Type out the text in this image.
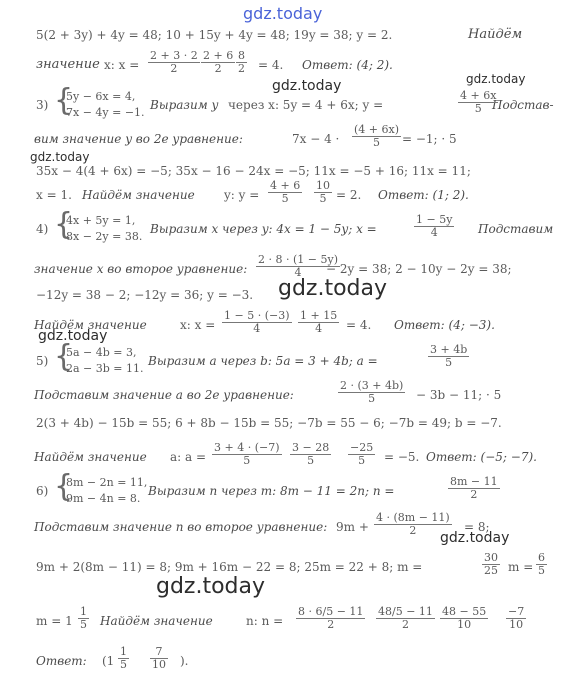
gdz.today
5(2 + 3y) + 4y = 48; 10 + 15y + 4y = 48; 19y = 38; y = 2.	Найдём
значение x: x =	= 4. Ответ: (4; 2).
$\frac{2 + 3 \cdot 2}{2} \frac{2 + 6}{2} \frac{8}{2}$
gdz.today	gdz.today
3)
5y − 6x = 4,
7x − 4y = −1.
Выразим y через x: 5y = 4 + 6x; y =	Подстав-
{	$\frac{4 + 6x}{5}$
вим значение y во 2е уравнение:	7x − 4 ·	= −1; · 5
$\frac{(4 + 6x)}{5}$
gdz.today
35x − 4(4 + 6x) = −5; 35x − 16 − 24x = −5; 11x = −5 + 16; 11x = 11;
x = 1. Найдём значение y: y =	= 2. Ответ: (1; 2).
$\frac{4 + 6}{5} \frac{10}{5}$
4)
4x + 5y = 1,
8x − 2y = 38.
Выразим x через y: 4x = 1 − 5y; x =	Подставим
{	$\frac{1 - 5y}{4}$
значение x во второе уравнение:	− 2y = 38; 2 − 10y − 2y = 38;
$\frac{2 \cdot 8 \cdot (1 - 5y)}{4}$
−12y = 38 − 2; −12y = 36; y = −3. gdz.today
Найдём значение	x: x =	= 4. Ответ: (4; −3).
$\frac{1 - 5 \cdot (-3)}{4} \frac{1 + 15}{4}$
gdz.today
5)
5a − 4b = 3,
2a − 3b = 11.
Выразим a через b: 5a = 3 + 4b; a =
{	$\frac{3 + 4b}{5}$
Подставим значение a во 2е уравнение:	− 3b − 11; · 5
$\frac{2 \cdot (3 + 4b)}{5}$
2(3 + 4b) − 15b = 55; 6 + 8b − 15b = 55; −7b = 55 − 6; −7b = 49; b = −7.
Найдём значение a: a =	= −5. Ответ: (−5; −7).
$\frac{3 + 4 \cdot (-7)}{5} \frac{3 - 28}{5} \frac{-25}{5}$
6)
8m − 2n = 11,
9m − 4n = 8.
Выразим n через m: 8m − 11 = 2n; n =
{	$\frac{8m - 11}{2}$
Подставим значение n во второе уравнение: 9m +	= 8;
$\frac{4 \cdot (8m - 11)}{2}$
gdz.today
9m + 2(8m − 11) = 8; 9m + 16m − 22 = 8; 25m = 22 + 8; m =	m =
$\frac{30}{25}$	$\frac{6}{5}$
gdz.today
m = 1 Найдём значение	n: n =
$\frac{1}{5}$	$\frac{8 \cdot 6/5 - 11}{2} \frac{48/5 - 11}{2} \frac{48 - 55}{10} \frac{-7}{10}$
Ответ: (1	).
$\frac{1}{5} \frac{7}{10}$
